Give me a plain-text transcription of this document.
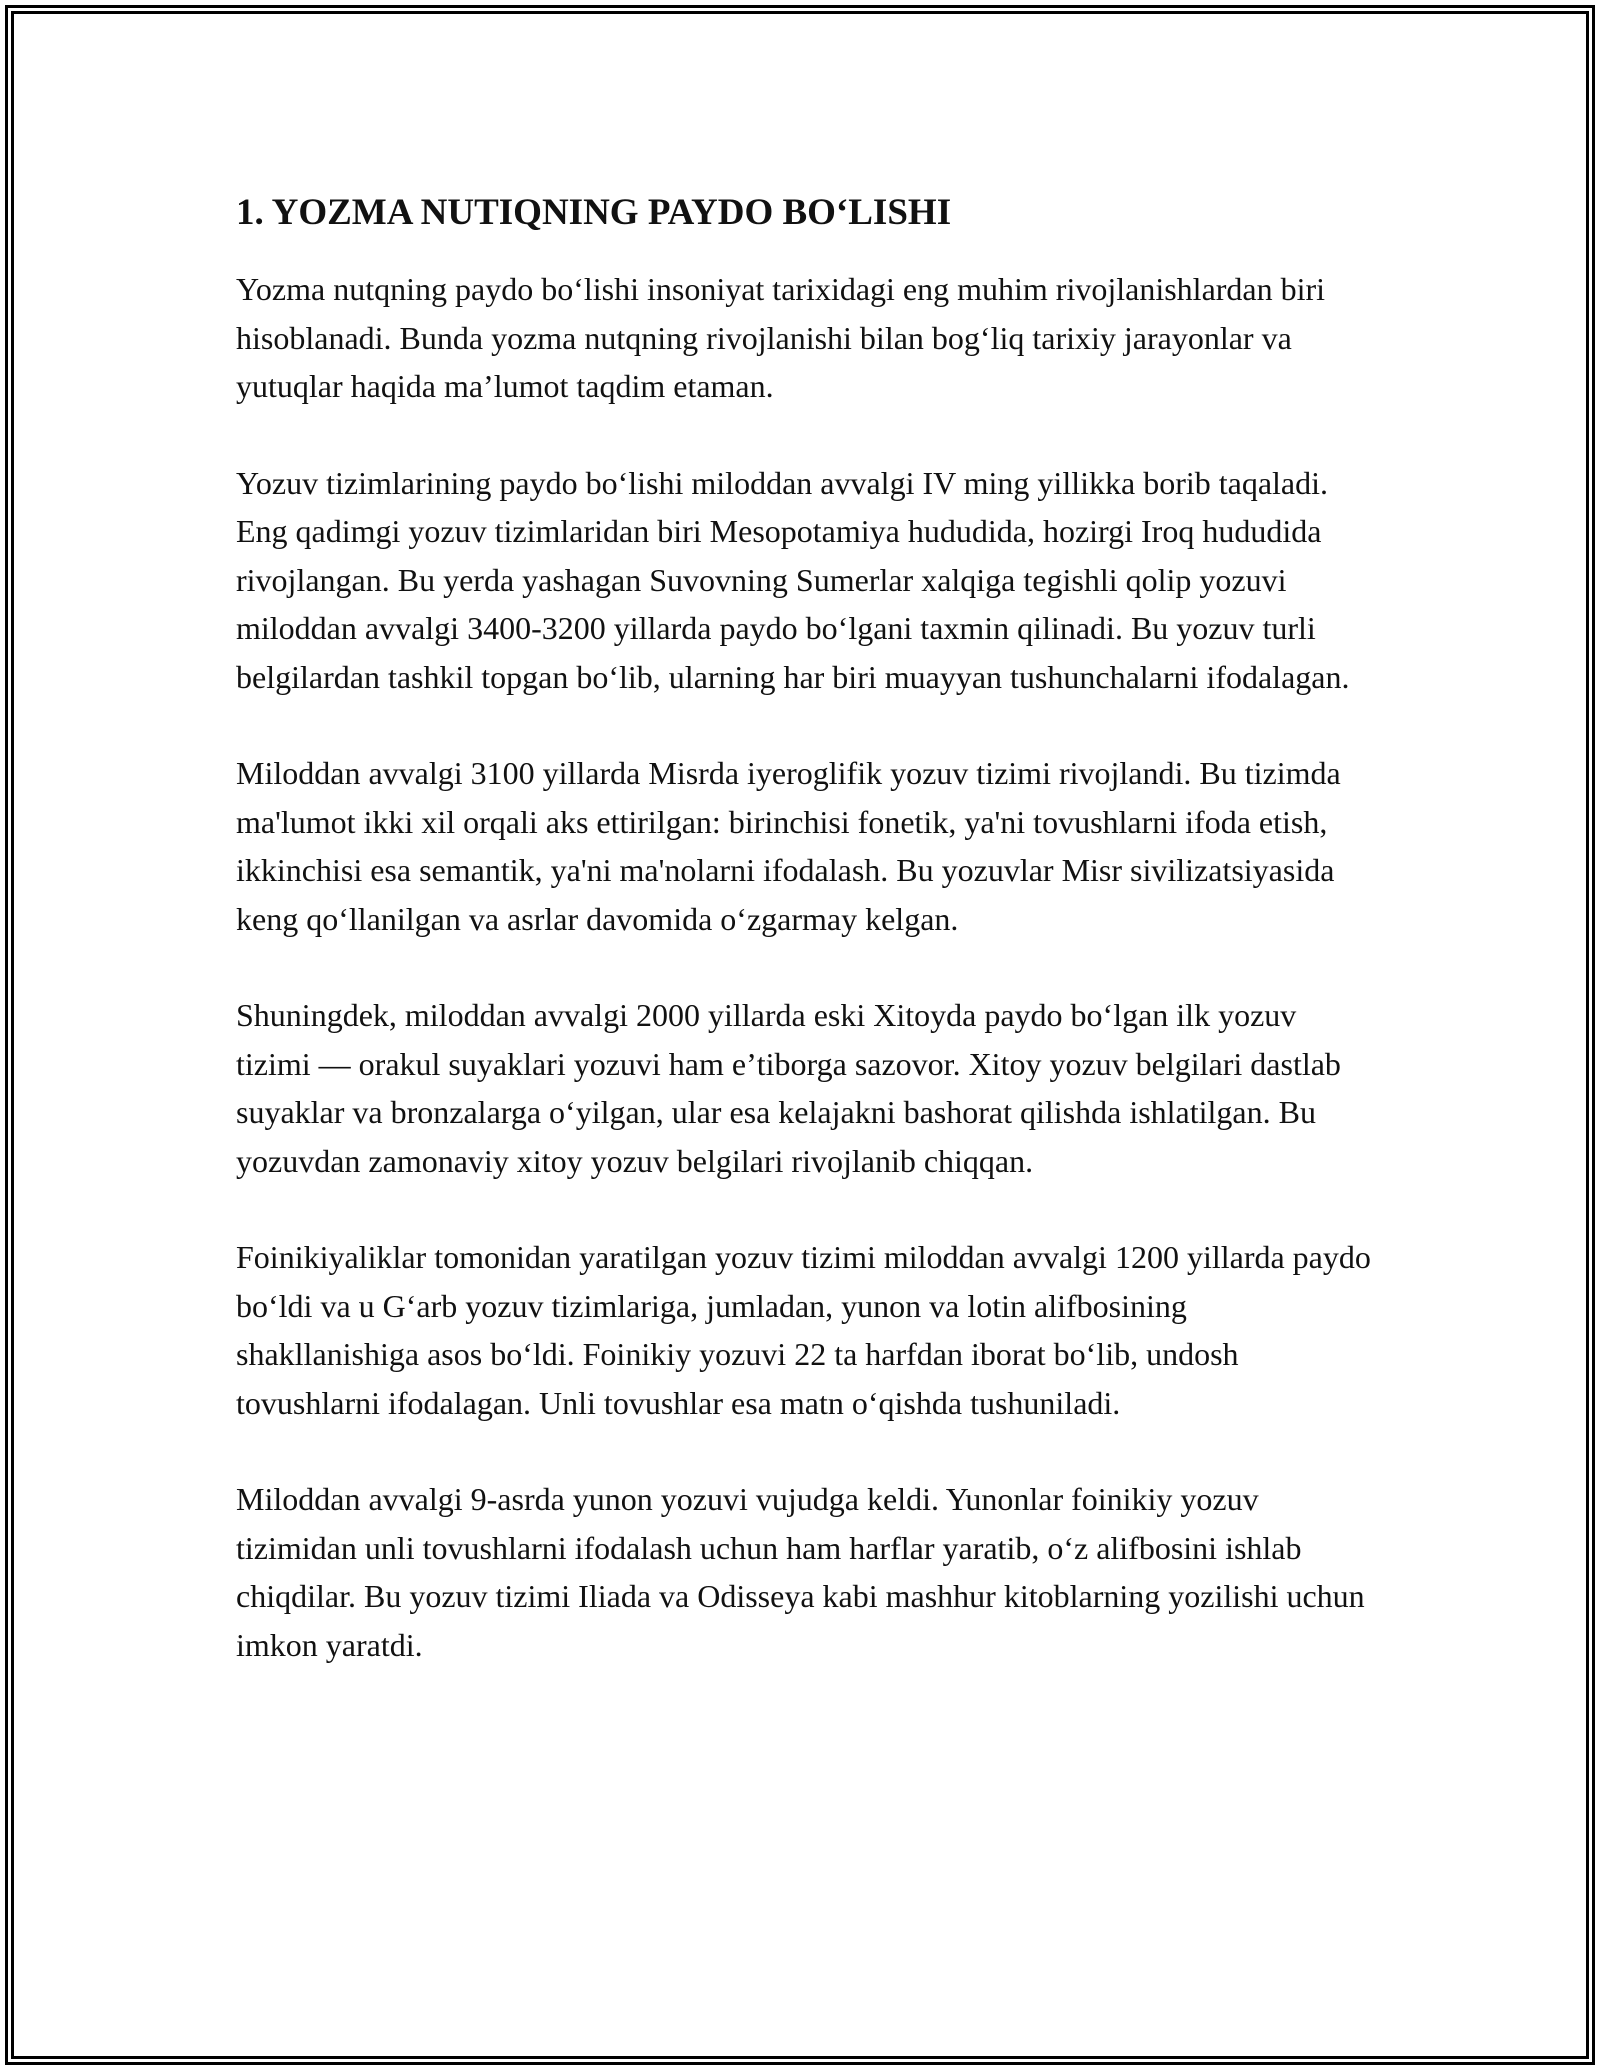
1. YOZMA NUTIQNING PAYDO BOʻLISHI

Yozma nutqning paydo boʻlishi insoniyat tarixidagi eng muhim rivojlanishlardan biri hisoblanadi. Bunda yozma nutqning rivojlanishi bilan bogʻliq tarixiy jarayonlar va yutuqlar haqida maʼlumot taqdim etaman.

Yozuv tizimlarining paydo boʻlishi miloddan avvalgi IV ming yillikka borib taqaladi. Eng qadimgi yozuv tizimlaridan biri Mesopotamiya hududida, hozirgi Iroq hududida rivojlangan. Bu yerda yashagan Suvovning Sumerlar xalqiga tegishli qolip yozuvi miloddan avvalgi 3400-3200 yillarda paydo boʻlgani taxmin qilinadi. Bu yozuv turli belgilardan tashkil topgan boʻlib, ularning har biri muayyan tushunchalarni ifodalagan.

Miloddan avvalgi 3100 yillarda Misrda iyeroglifik yozuv tizimi rivojlandi. Bu tizimda ma'lumot ikki xil orqali aks ettirilgan: birinchisi fonetik, ya'ni tovushlarni ifoda etish, ikkinchisi esa semantik, ya'ni ma'nolarni ifodalash. Bu yozuvlar Misr sivilizatsiyasida keng qoʻllanilgan va asrlar davomida oʻzgarmay kelgan.

Shuningdek, miloddan avvalgi 2000 yillarda eski Xitoyda paydo boʻlgan ilk yozuv tizimi — orakul suyaklari yozuvi ham eʼtiborga sazovor. Xitoy yozuv belgilari dastlab suyaklar va bronzalarga oʻyilgan, ular esa kelajakni bashorat qilishda ishlatilgan. Bu yozuvdan zamonaviy xitoy yozuv belgilari rivojlanib chiqqan.

Foinikiyaliklar tomonidan yaratilgan yozuv tizimi miloddan avvalgi 1200 yillarda paydo boʻldi va u Gʻarb yozuv tizimlariga, jumladan, yunon va lotin alifbosining shakllanishiga asos boʻldi. Foinikiy yozuvi 22 ta harfdan iborat boʻlib, undosh tovushlarni ifodalagan. Unli tovushlar esa matn oʻqishda tushuniladi.

Miloddan avvalgi 9-asrda yunon yozuvi vujudga keldi. Yunonlar foinikiy yozuv tizimidan unli tovushlarni ifodalash uchun ham harflar yaratib, oʻz alifbosini ishlab chiqdilar. Bu yozuv tizimi Iliada va Odisseya kabi mashhur kitoblarning yozilishi uchun imkon yaratdi.
